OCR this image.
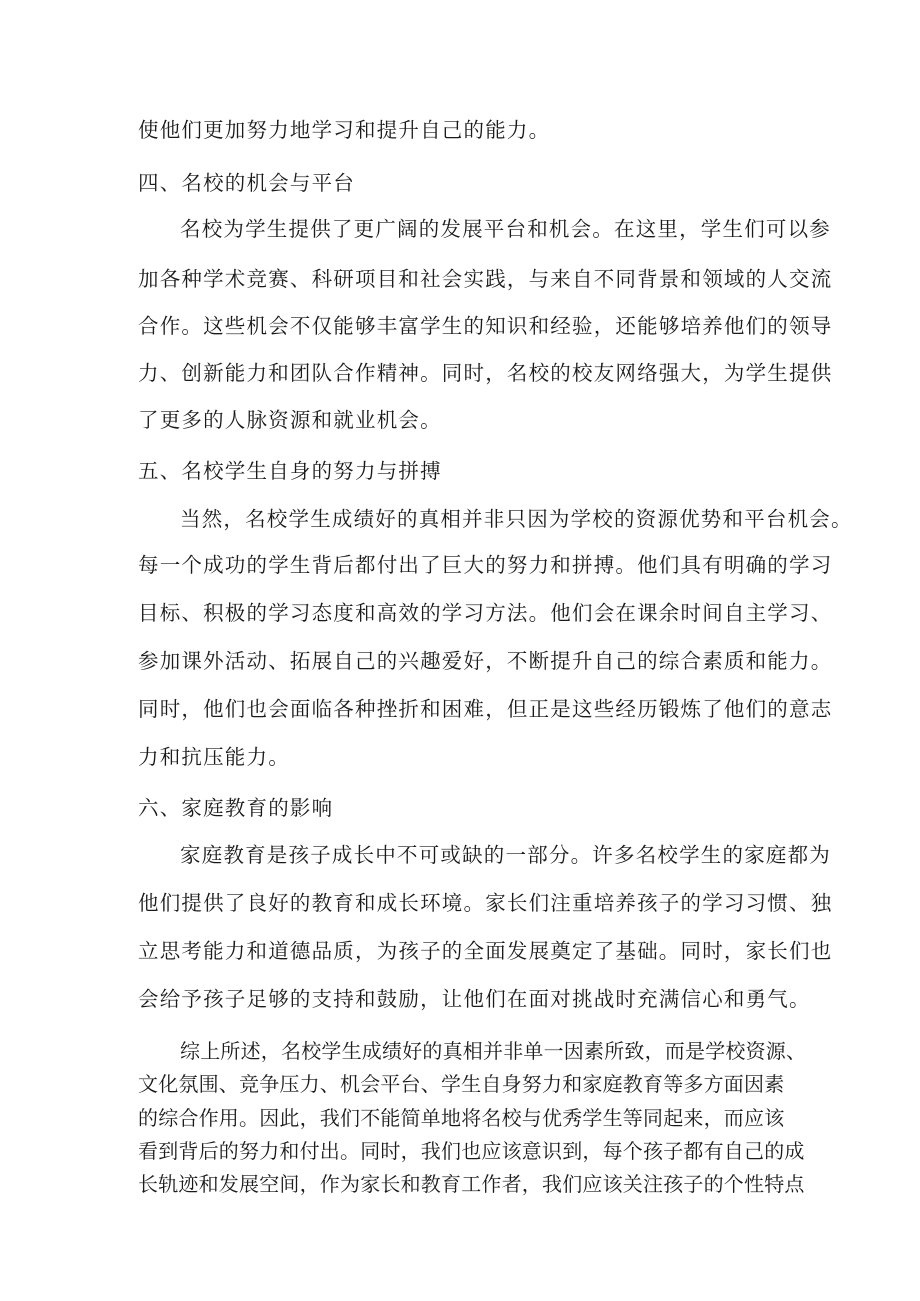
使他们更加努力地学习和提升自己的能力。
四、名校的机会与平台
名校为学生提供了更广阔的发展平台和机会。在这里，学生们可以参
加各种学术竞赛、科研项目和社会实践，与来自不同背景和领域的人交流
合作。这些机会不仅能够丰富学生的知识和经验，还能够培养他们的领导
力、创新能力和团队合作精神。同时，名校的校友网络强大，为学生提供
了更多的人脉资源和就业机会。
五、名校学生自身的努力与拼搏
当然，名校学生成绩好的真相并非只因为学校的资源优势和平台机会。
每一个成功的学生背后都付出了巨大的努力和拼搏。他们具有明确的学习
目标、积极的学习态度和高效的学习方法。他们会在课余时间自主学习、
参加课外活动、拓展自己的兴趣爱好，不断提升自己的综合素质和能力。
同时，他们也会面临各种挫折和困难，但正是这些经历锻炼了他们的意志
力和抗压能力。
六、家庭教育的影响
家庭教育是孩子成长中不可或缺的一部分。许多名校学生的家庭都为
他们提供了良好的教育和成长环境。家长们注重培养孩子的学习习惯、独
立思考能力和道德品质，为孩子的全面发展奠定了基础。同时，家长们也
会给予孩子足够的支持和鼓励，让他们在面对挑战时充满信心和勇气。
综上所述，名校学生成绩好的真相并非单一因素所致，而是学校资源、
文化氛围、竞争压力、机会平台、学生自身努力和家庭教育等多方面因素
的综合作用。因此，我们不能简单地将名校与优秀学生等同起来，而应该
看到背后的努力和付出。同时，我们也应该意识到，每个孩子都有自己的成
长轨迹和发展空间，作为家长和教育工作者，我们应该关注孩子的个性特点
